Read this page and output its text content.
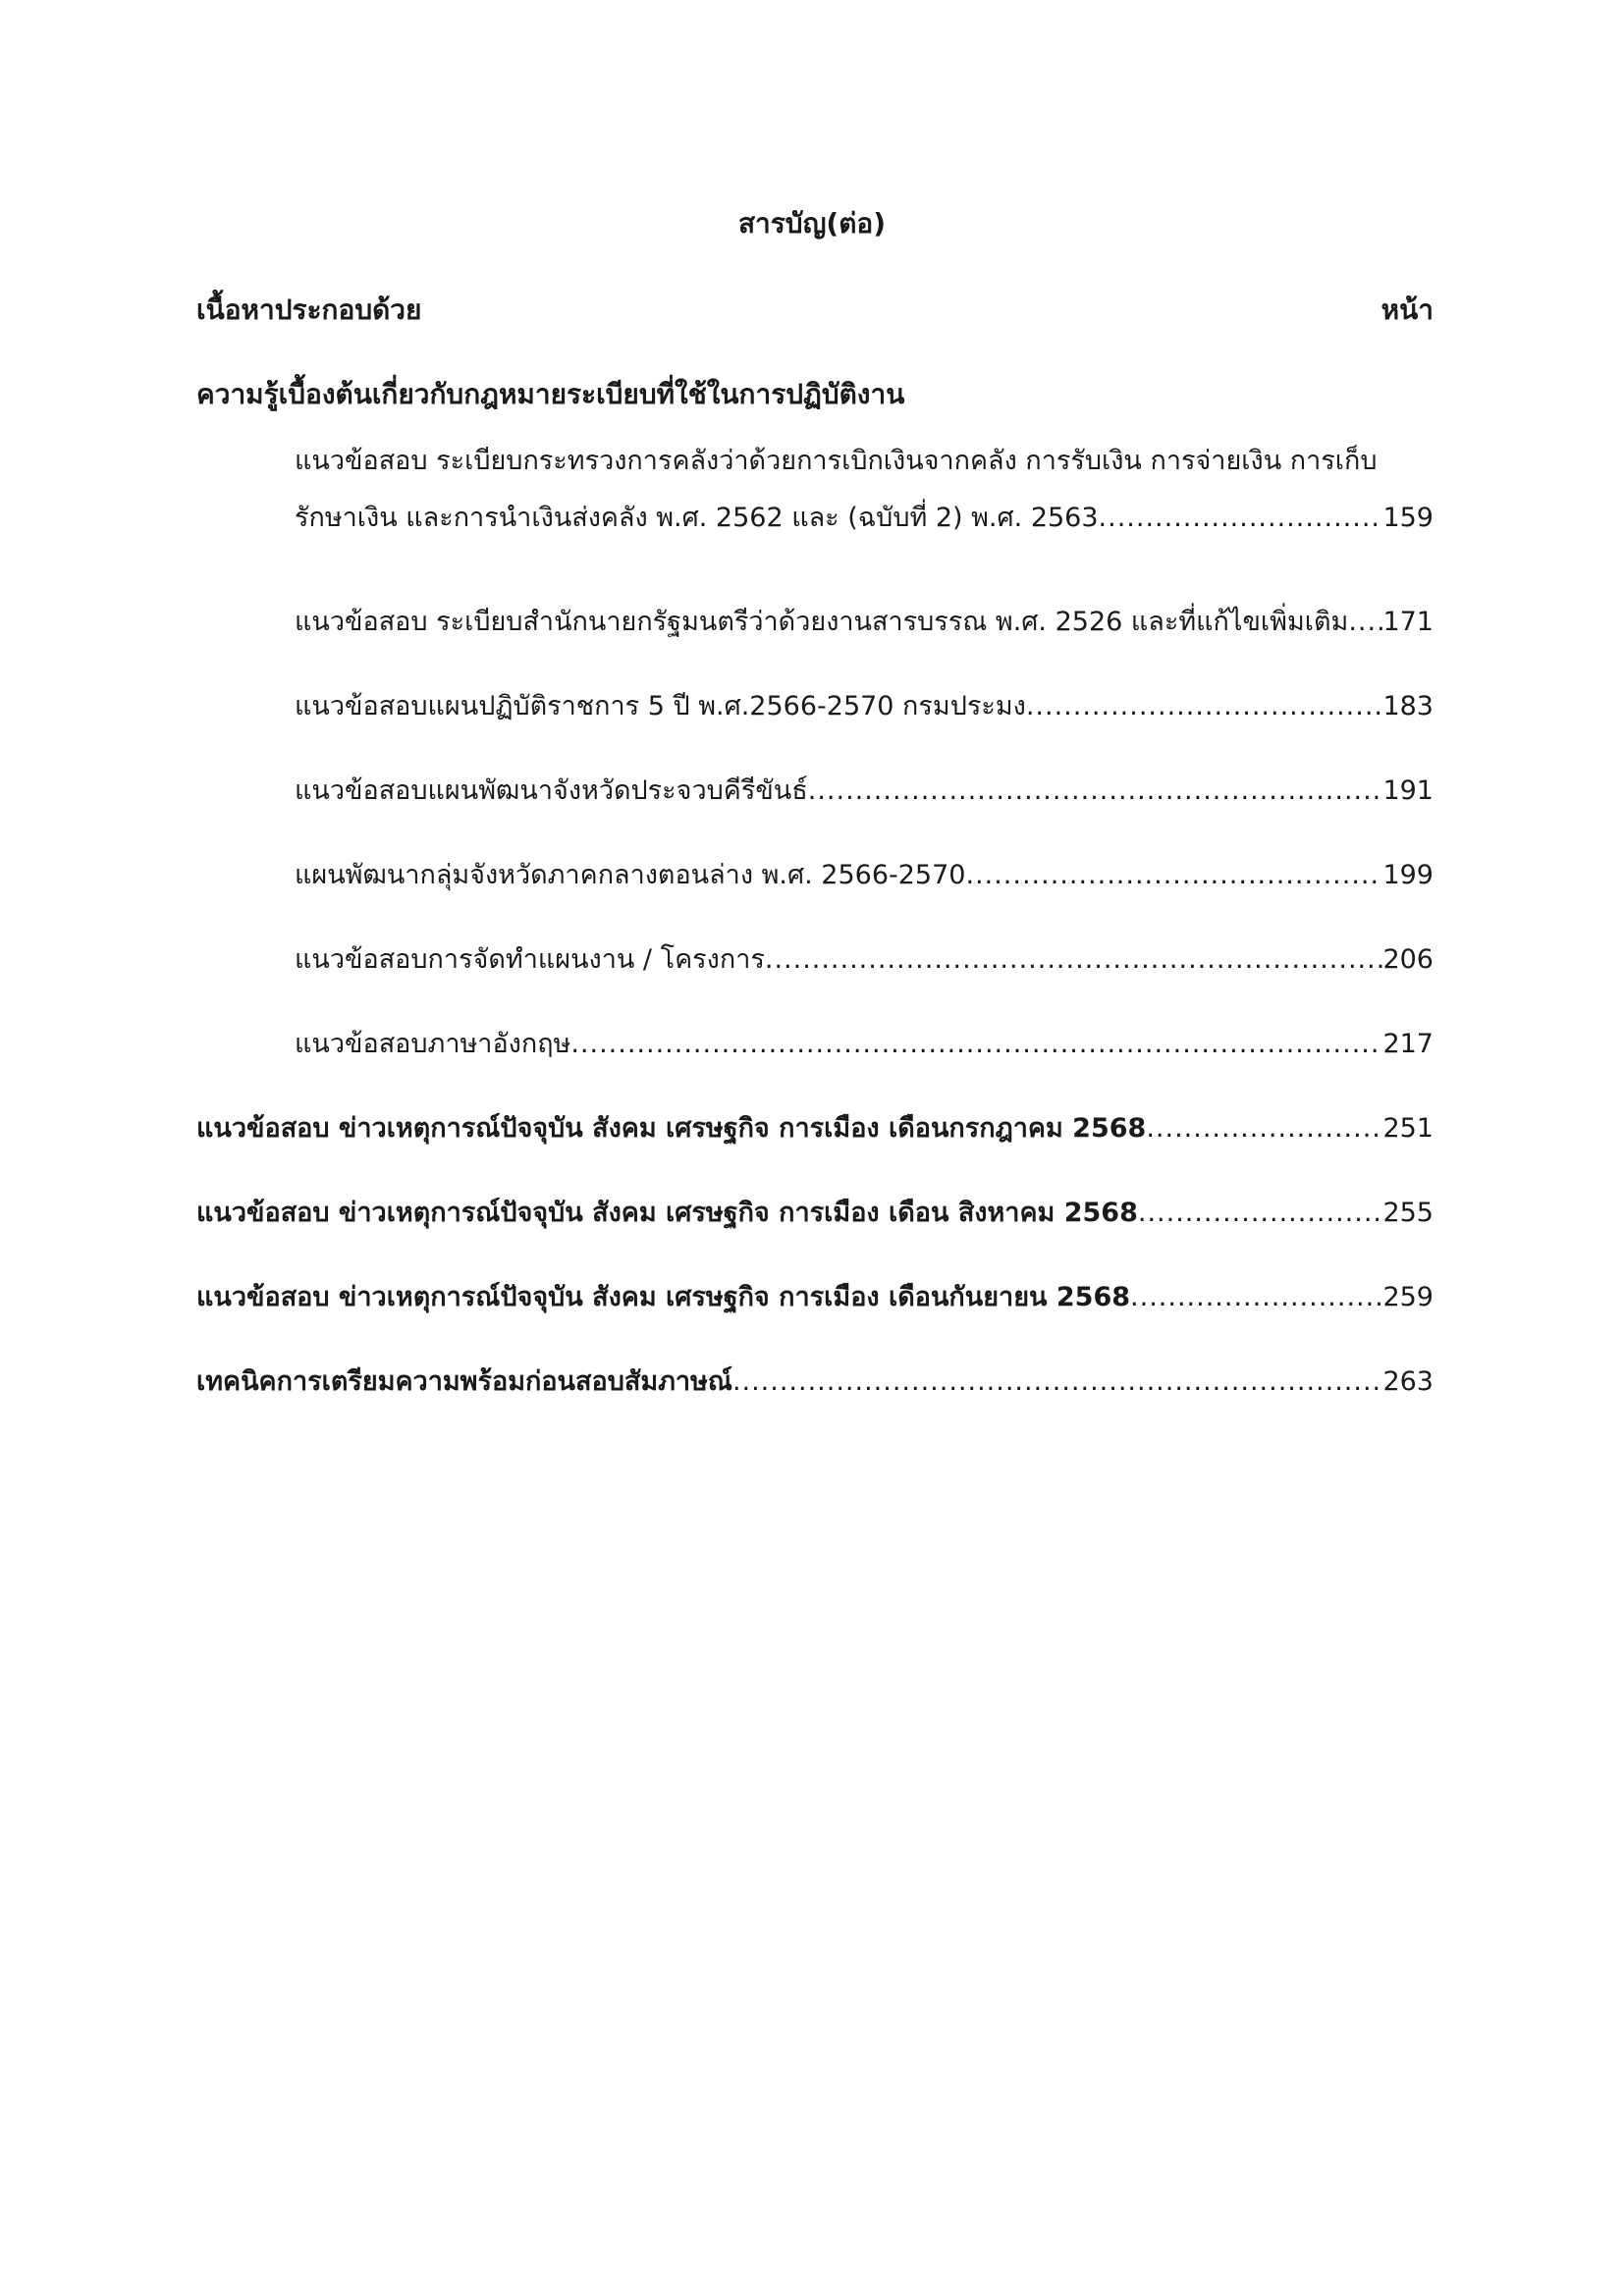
สารบัญ(ต่อ)
เนื้อหาประกอบด้วย	หน้า
ความรู้เบื้องต้นเกี่ยวกับกฎหมายระเบียบที่ใช้ในการปฏิบัติงาน
แนวข้อสอบ ระเบียบกระทรวงการคลังว่าด้วยการเบิกเงินจากคลัง การรับเงิน การจ่ายเงิน การเก็บ
รักษาเงิน และการนำเงินส่งคลัง พ.ศ. 2562 และ (ฉบับที่ 2) พ.ศ. 2563 .....	159
แนวข้อสอบ ระเบียบสำนักนายกรัฐมนตรีว่าด้วยงานสารบรรณ พ.ศ. 2526 และที่แก้ไขเพิ่มเติม ..... 171
แนวข้อสอบแผนปฏิบัติราชการ 5 ปี พ.ศ.2566-2570 กรมประมง .....	183
แนวข้อสอบแผนพัฒนาจังหวัดประจวบคีรีขันธ์ .....	191
แผนพัฒนากลุ่มจังหวัดภาคกลางตอนล่าง พ.ศ. 2566-2570 .....	199
แนวข้อสอบการจัดทำแผนงาน / โครงการ .....	206
แนวข้อสอบภาษาอังกฤษ .....	217
แนวข้อสอบ ข่าวเหตุการณ์ปัจจุบัน สังคม เศรษฐกิจ การเมือง เดือนกรกฎาคม 2568 .....	251
แนวข้อสอบ ข่าวเหตุการณ์ปัจจุบัน สังคม เศรษฐกิจ การเมือง เดือน สิงหาคม 2568 .....	255
แนวข้อสอบ ข่าวเหตุการณ์ปัจจุบัน สังคม เศรษฐกิจ การเมือง เดือนกันยายน 2568 .....	259
เทคนิคการเตรียมความพร้อมก่อนสอบสัมภาษณ์ .....	263
